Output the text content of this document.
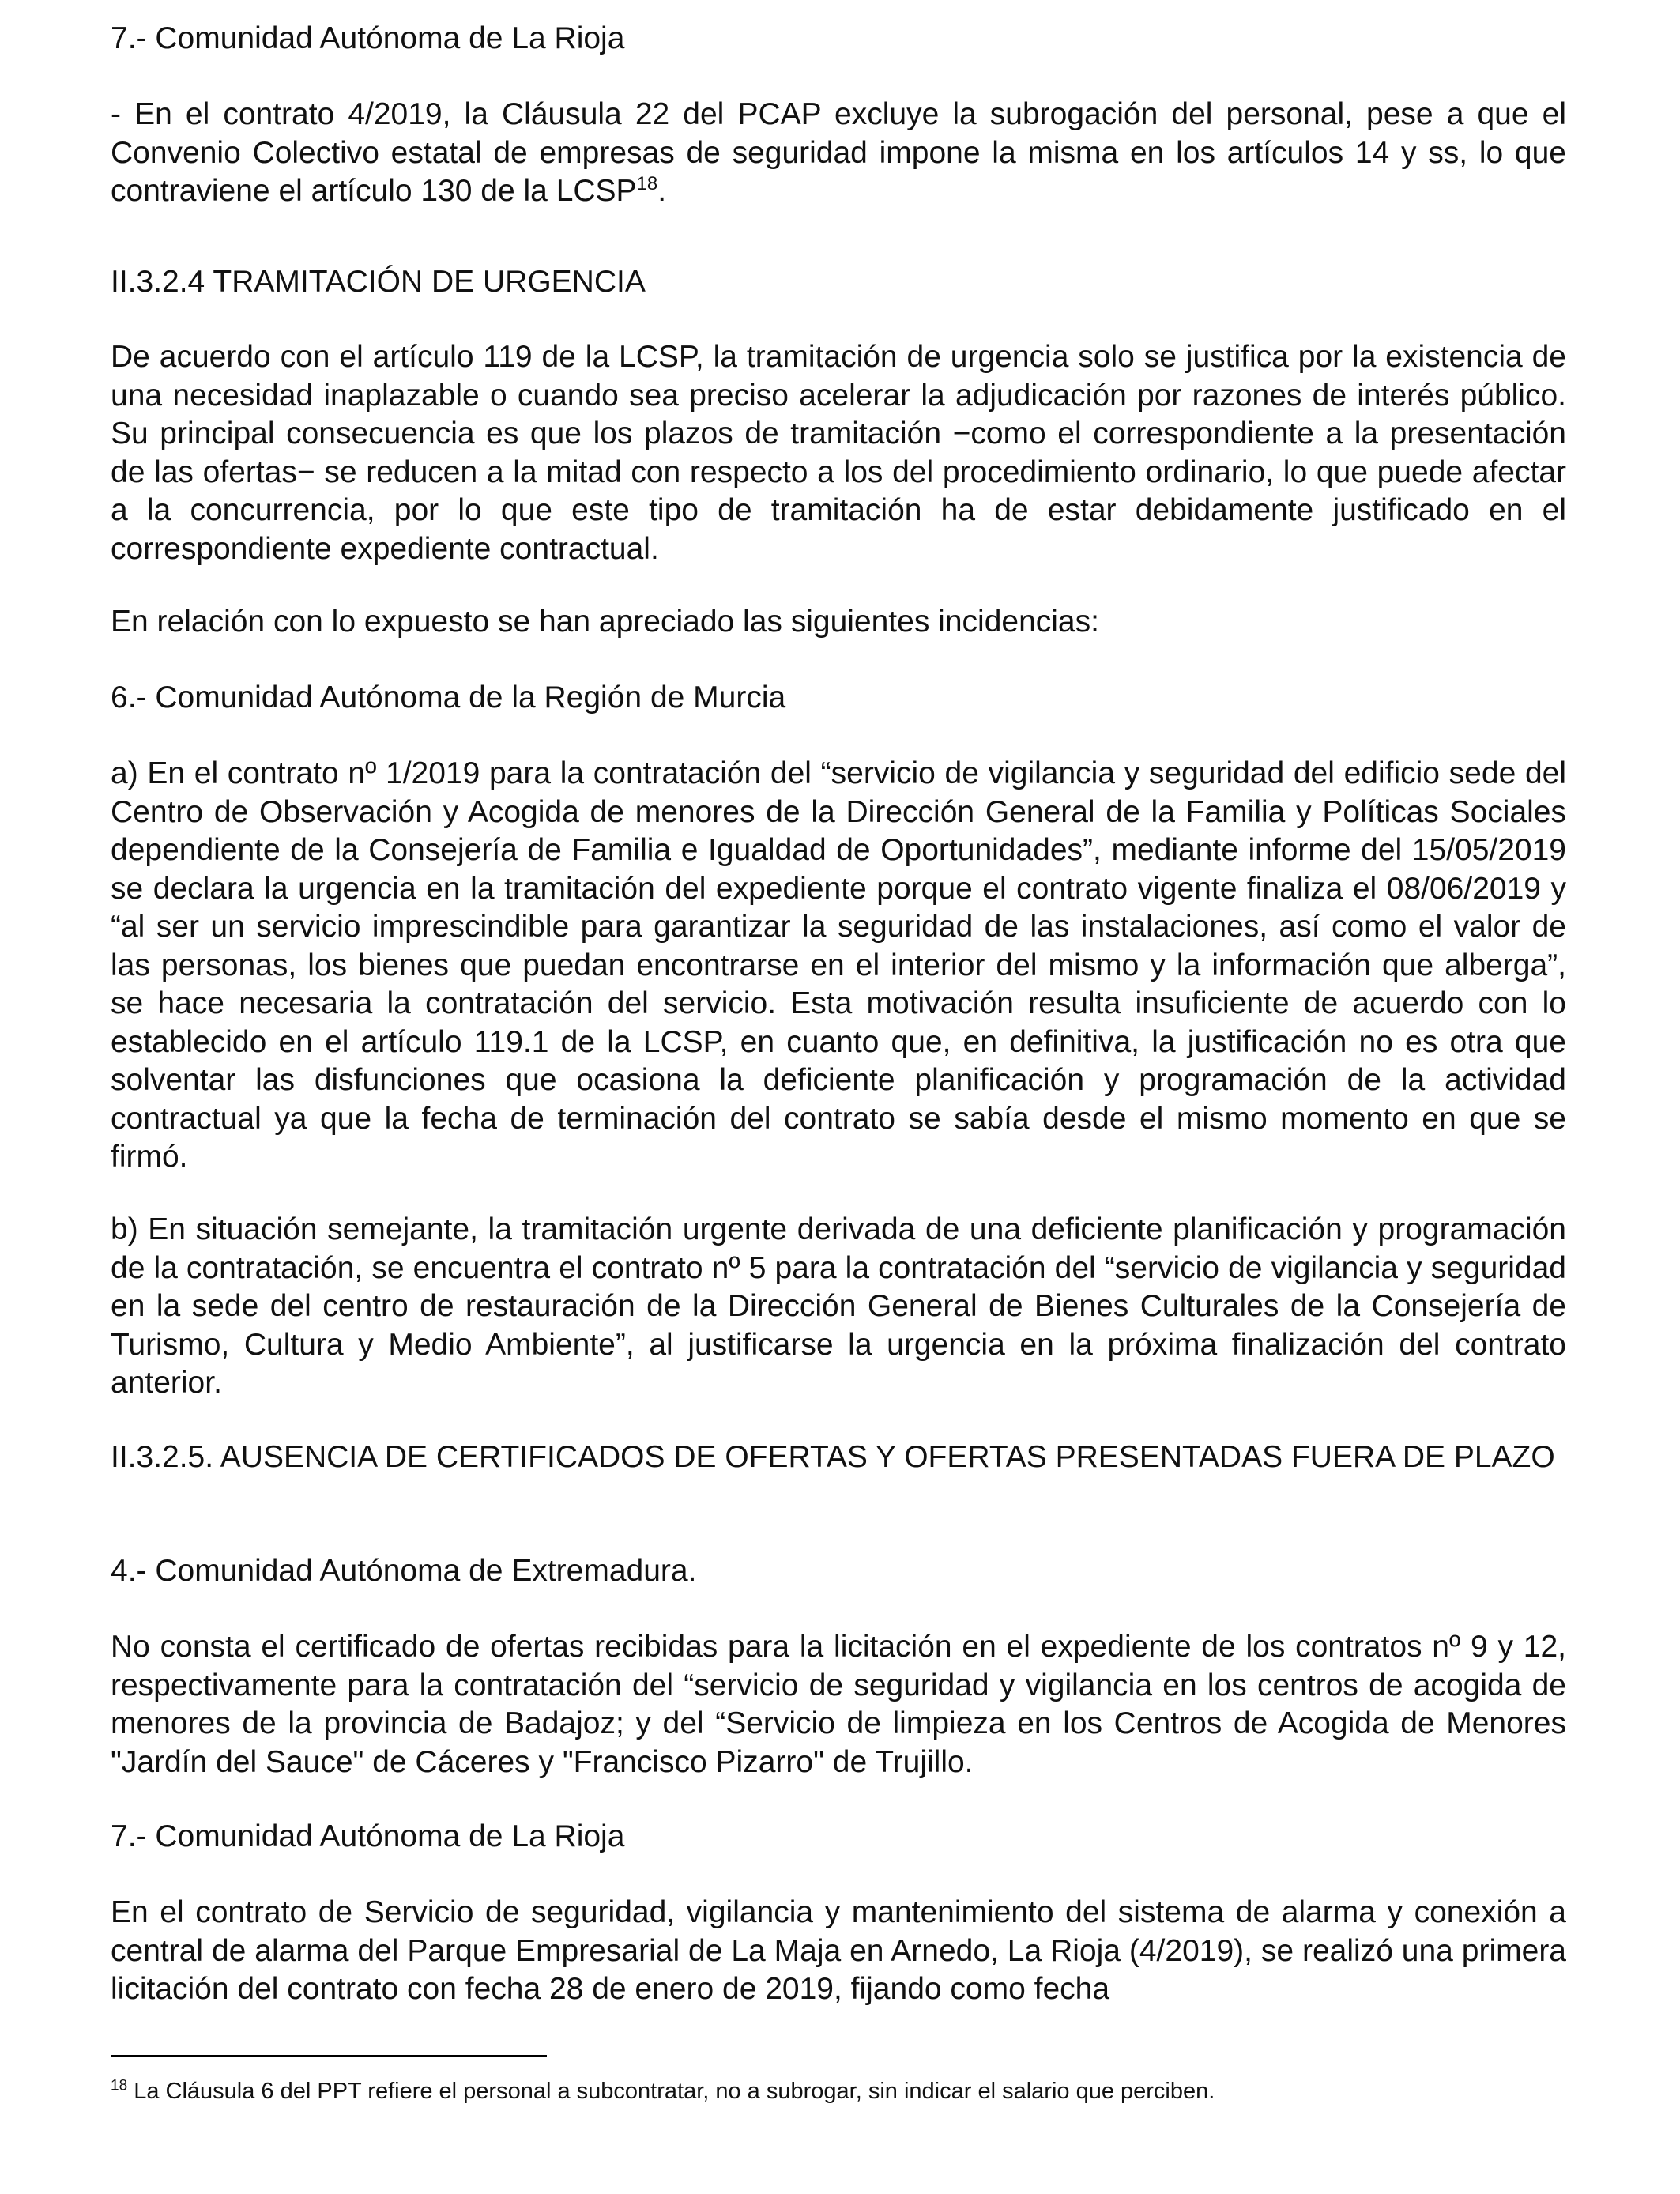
7.- Comunidad Autónoma de La Rioja

- En el contrato 4/2019, la Cláusula 22 del PCAP excluye la subrogación del personal, pese a que el Convenio Colectivo estatal de empresas de seguridad impone la misma en los artículos 14 y ss, lo que contraviene el artículo 130 de la LCSP$^{18}$.

II.3.2.4 TRAMITACIÓN DE URGENCIA

De acuerdo con el artículo 119 de la LCSP, la tramitación de urgencia solo se justifica por la existencia de una necesidad inaplazable o cuando sea preciso acelerar la adjudicación por razones de interés público. Su principal consecuencia es que los plazos de tramitación −como el correspondiente a la presentación de las ofertas− se reducen a la mitad con respecto a los del procedimiento ordinario, lo que puede afectar a la concurrencia, por lo que este tipo de tramitación ha de estar debidamente justificado en el correspondiente expediente contractual.

En relación con lo expuesto se han apreciado las siguientes incidencias:

6.- Comunidad Autónoma de la Región de Murcia

a) En el contrato nº 1/2019 para la contratación del “servicio de vigilancia y seguridad del edificio sede del Centro de Observación y Acogida de menores de la Dirección General de la Familia y Políticas Sociales dependiente de la Consejería de Familia e Igualdad de Oportunidades”, mediante informe del 15/05/2019 se declara la urgencia en la tramitación del expediente porque el contrato vigente finaliza el 08/06/2019 y “al ser un servicio imprescindible para garantizar la seguridad de las instalaciones, así como el valor de las personas, los bienes que puedan encontrarse en el interior del mismo y la información que alberga”, se hace necesaria la contratación del servicio. Esta motivación resulta insuficiente de acuerdo con lo establecido en el artículo 119.1 de la LCSP, en cuanto que, en definitiva, la justificación no es otra que solventar las disfunciones que ocasiona la deficiente planificación y programación de la actividad contractual ya que la fecha de terminación del contrato se sabía desde el mismo momento en que se firmó.

b) En situación semejante, la tramitación urgente derivada de una deficiente planificación y programación de la contratación, se encuentra el contrato nº 5 para la contratación del “servicio de vigilancia y seguridad en la sede del centro de restauración de la Dirección General de Bienes Culturales de la Consejería de Turismo, Cultura y Medio Ambiente”, al justificarse la urgencia en la próxima finalización del contrato anterior.

II.3.2.5. AUSENCIA DE CERTIFICADOS DE OFERTAS Y OFERTAS PRESENTADAS FUERA DE PLAZO

4.- Comunidad Autónoma de Extremadura.

No consta el certificado de ofertas recibidas para la licitación en el expediente de los contratos nº 9 y 12, respectivamente para la contratación del “servicio de seguridad y vigilancia en los centros de acogida de menores de la provincia de Badajoz; y del “Servicio de limpieza en los Centros de Acogida de Menores "Jardín del Sauce" de Cáceres y "Francisco Pizarro" de Trujillo.

7.- Comunidad Autónoma de La Rioja

En el contrato de Servicio de seguridad, vigilancia y mantenimiento del sistema de alarma y conexión a central de alarma del Parque Empresarial de La Maja en Arnedo, La Rioja (4/2019), se realizó una primera licitación del contrato con fecha 28 de enero de 2019, fijando como fecha

$^{18}$ La Cláusula 6 del PPT refiere el personal a subcontratar, no a subrogar, sin indicar el salario que perciben.
